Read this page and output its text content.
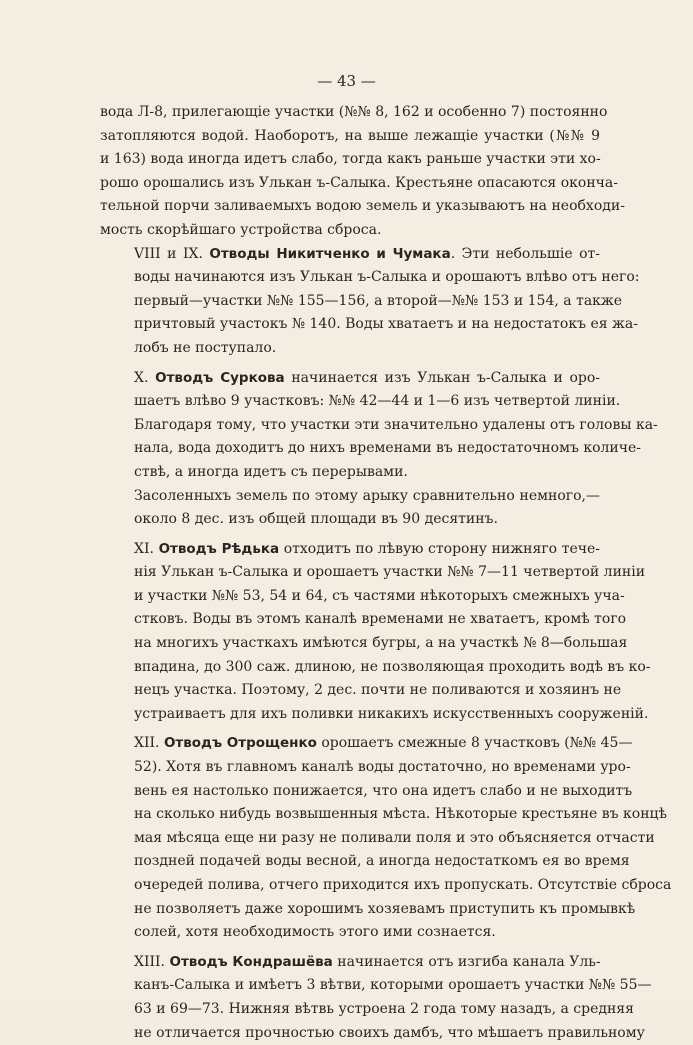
— 43 —

вода Л-8, прилегающіе участки (№№ 8, 162 и особенно 7) постоянно
затопляются водой. Наоборотъ, на выше лежащіе участки (№№ 9
и 163) вода иногда идетъ слабо, тогда какъ раньше участки эти хо-
рошо орошались изъ Улькан ъ-Салыка. Крестьяне опасаются оконча-
тельной порчи заливаемыхъ водою земель и указываютъ на необходи-
мость скорѣйшаго устройства сброса.

VIII и IX. Отводы Никитченко и Чумака. Эти небольшіе от-
воды начинаются изъ Улькан ъ-Салыка и орошаютъ влѣво отъ него:
первый—участки №№ 155—156, а второй—№№ 153 и 154, а также
причтовый участокъ № 140. Воды хватаетъ и на недостатокъ ея жа-
лобъ не поступало.

X. Отводъ Суркова начинается изъ Улькан ъ-Салыка и оро-
шаетъ влѣво 9 участковъ: №№ 42—44 и 1—6 изъ четвертой линіи.
Благодаря тому, что участки эти значительно удалены отъ головы ка-
нала, вода доходитъ до нихъ временами въ недостаточномъ количе-
ствѣ, а иногда идетъ съ перерывами.

Засоленныхъ земель по этому арыку сравнительно немного,—
около 8 дес. изъ общей площади въ 90 десятинъ.

XI. Отводъ Рѣдька отходитъ по лѣвую сторону нижняго тече-
нія Улькан ъ-Салыка и орошаетъ участки №№ 7—11 четвертой линіи
и участки №№ 53, 54 и 64, съ частями нѣкоторыхъ смежныхъ уча-
стковъ. Воды въ этомъ каналѣ временами не хватаетъ, кромѣ того
на многихъ участкахъ имѣются бугры, а на участкѣ № 8—большая
впадина, до 300 саж. длиною, не позволяющая проходить водѣ въ ко-
нецъ участка. Поэтому, 2 дес. почти не поливаются и хозяинъ не
устраиваетъ для ихъ поливки никакихъ искусственныхъ сооруженій.

XII. Отводъ Отрощенко орошаетъ смежные 8 участковъ (№№ 45—
52). Хотя въ главномъ каналѣ воды достаточно, но временами уро-
вень ея настолько понижается, что она идетъ слабо и не выходитъ
на сколько нибудь возвышенныя мѣста. Нѣкоторые крестьяне въ концѣ
мая мѣсяца еще ни разу не поливали поля и это объясняется отчасти
поздней подачей воды весной, а иногда недостаткомъ ея во время
очередей полива, отчего приходится ихъ пропускать. Отсутствіе сброса
не позволяетъ даже хорошимъ хозяевамъ приступить къ промывкѣ
солей, хотя необходимость этого ими сознается.

XIII. Отводъ Кондрашёва начинается отъ изгиба канала Уль-
канъ-Салыка и имѣетъ 3 вѣтви, которыми орошаетъ участки №№ 55—
63 и 69—73. Нижняя вѣтвь устроена 2 года тому назадъ, а средняя
не отличается прочностью своихъ дамбъ, что мѣшаетъ правильному
